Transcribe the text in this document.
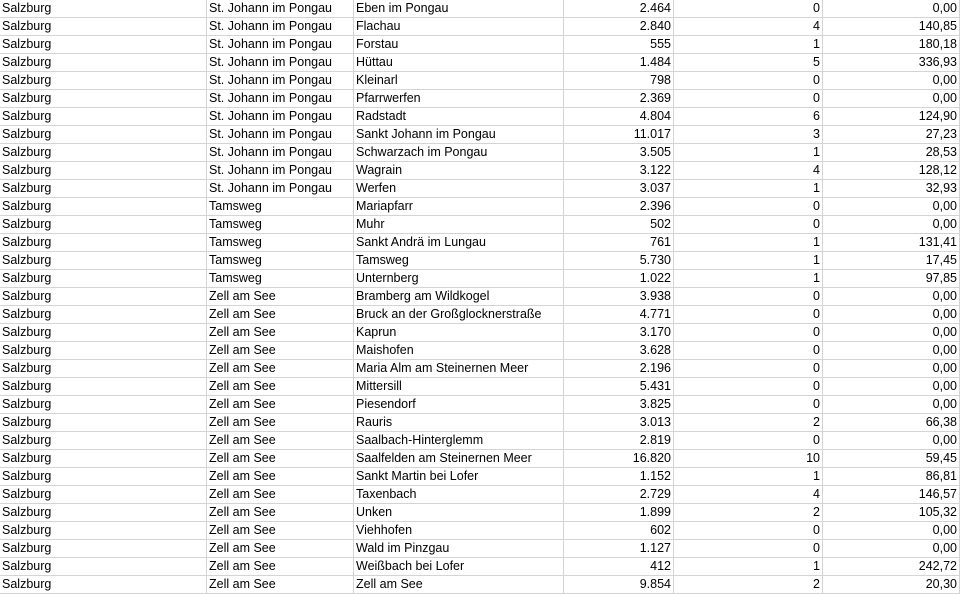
Salzburg	St. Johann im Pongau	Eben im Pongau	2.464	0	0,00
Salzburg	St. Johann im Pongau	Flachau	2.840	4	140,85
Salzburg	St. Johann im Pongau	Forstau	555	1	180,18
Salzburg	St. Johann im Pongau	Hüttau	1.484	5	336,93
Salzburg	St. Johann im Pongau	Kleinarl	798	0	0,00
Salzburg	St. Johann im Pongau	Pfarrwerfen	2.369	0	0,00
Salzburg	St. Johann im Pongau	Radstadt	4.804	6	124,90
Salzburg	St. Johann im Pongau	Sankt Johann im Pongau	11.017	3	27,23
Salzburg	St. Johann im Pongau	Schwarzach im Pongau	3.505	1	28,53
Salzburg	St. Johann im Pongau	Wagrain	3.122	4	128,12
Salzburg	St. Johann im Pongau	Werfen	3.037	1	32,93
Salzburg	Tamsweg	Mariapfarr	2.396	0	0,00
Salzburg	Tamsweg	Muhr	502	0	0,00
Salzburg	Tamsweg	Sankt Andrä im Lungau	761	1	131,41
Salzburg	Tamsweg	Tamsweg	5.730	1	17,45
Salzburg	Tamsweg	Unternberg	1.022	1	97,85
Salzburg	Zell am See	Bramberg am Wildkogel	3.938	0	0,00
Salzburg	Zell am See	Bruck an der Großglocknerstraße	4.771	0	0,00
Salzburg	Zell am See	Kaprun	3.170	0	0,00
Salzburg	Zell am See	Maishofen	3.628	0	0,00
Salzburg	Zell am See	Maria Alm am Steinernen Meer	2.196	0	0,00
Salzburg	Zell am See	Mittersill	5.431	0	0,00
Salzburg	Zell am See	Piesendorf	3.825	0	0,00
Salzburg	Zell am See	Rauris	3.013	2	66,38
Salzburg	Zell am See	Saalbach-Hinterglemm	2.819	0	0,00
Salzburg	Zell am See	Saalfelden am Steinernen Meer	16.820	10	59,45
Salzburg	Zell am See	Sankt Martin bei Lofer	1.152	1	86,81
Salzburg	Zell am See	Taxenbach	2.729	4	146,57
Salzburg	Zell am See	Unken	1.899	2	105,32
Salzburg	Zell am See	Viehhofen	602	0	0,00
Salzburg	Zell am See	Wald im Pinzgau	1.127	0	0,00
Salzburg	Zell am See	Weißbach bei Lofer	412	1	242,72
Salzburg	Zell am See	Zell am See	9.854	2	20,30
